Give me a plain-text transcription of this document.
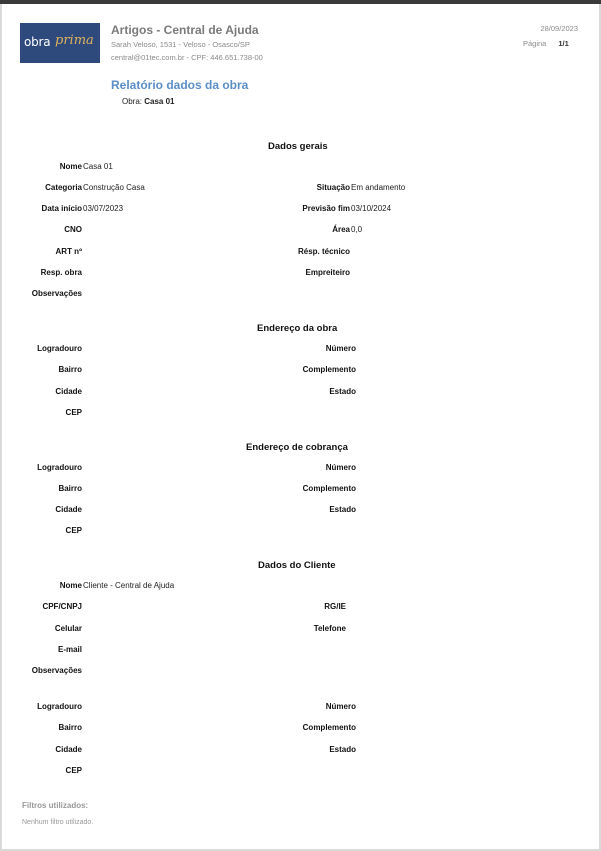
obra prima
Artigos - Central de Ajuda
Sarah Veloso, 1531 - Veloso - Osasco/SP
central@01tec.com.br - CPF: 446.651.738-00
28/09/2023
Página 1/1
Relatório dados da obra
Obra: Casa 01
Dados gerais
Nome Casa 01
Categoria Construção Casa	Situação Em andamento
Data início 03/07/2023	Previsão fim 03/10/2024
CNO	Área 0,0
ART nº	Résp. técnico
Resp. obra	Empreiteiro
Observações
Endereço da obra
Logradouro	Número
Bairro	Complemento
Cidade	Estado
CEP
Endereço de cobrança
Logradouro	Número
Bairro	Complemento
Cidade	Estado
CEP
Dados do Cliente
Nome Cliente - Central de Ajuda
CPF/CNPJ	RG/IE
Celular	Telefone
E-mail
Observações
Logradouro	Número
Bairro	Complemento
Cidade	Estado
CEP
Filtros utilizados:
Nenhum filtro utilizado.
